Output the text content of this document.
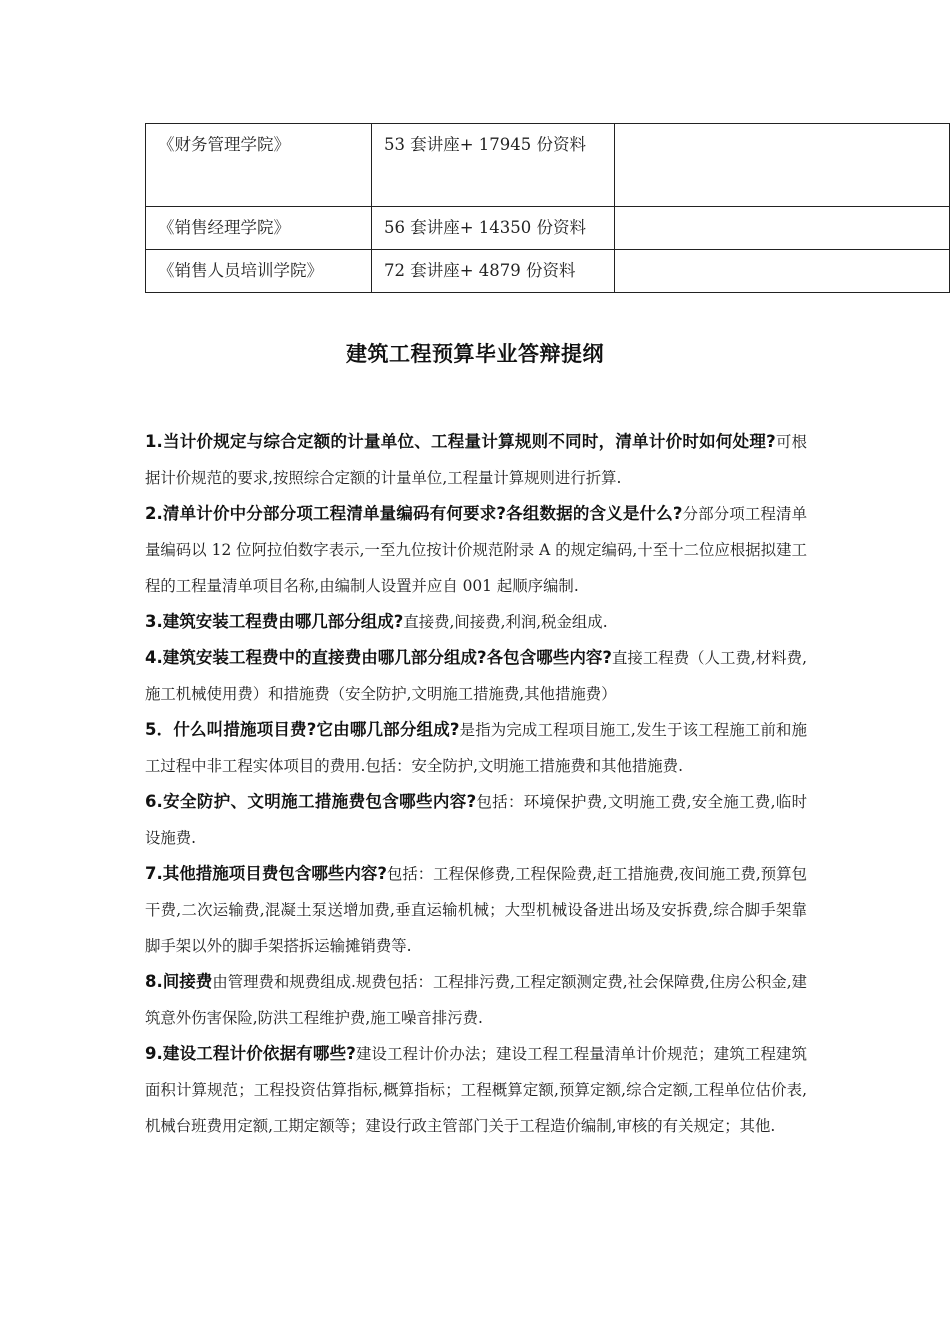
《财务管理学院》	53 套讲座+ 17945 份资料	

《销售经理学院》	56 套讲座+ 14350 份资料	

《销售人员培训学院》	72 套讲座+ 4879 份资料	

建筑工程预算毕业答辩提纲

1.当计价规定与综合定额的计量单位、工程量计算规则不同时，清单计价时如何处理?可根据计价规范的要求,按照综合定额的计量单位,工程量计算规则进行折算.

2.清单计价中分部分项工程清单量编码有何要求?各组数据的含义是什么?分部分项工程清单量编码以 12 位阿拉伯数字表示,一至九位按计价规范附录 A 的规定编码,十至十二位应根据拟建工程的工程量清单项目名称,由编制人设置并应自 001 起顺序编制.

3.建筑安装工程费由哪几部分组成?直接费,间接费,利润,税金组成.

4.建筑安装工程费中的直接费由哪几部分组成?各包含哪些内容?直接工程费（人工费,材料费,施工机械使用费）和措施费（安全防护,文明施工措施费,其他措施费）

5．什么叫措施项目费?它由哪几部分组成?是指为完成工程项目施工,发生于该工程施工前和施工过程中非工程实体项目的费用.包括：安全防护,文明施工措施费和其他措施费.

6.安全防护、文明施工措施费包含哪些内容?包括：环境保护费,文明施工费,安全施工费,临时设施费.

7.其他措施项目费包含哪些内容?包括：工程保修费,工程保险费,赶工措施费,夜间施工费,预算包干费,二次运输费,混凝土泵送增加费,垂直运输机械；大型机械设备进出场及安拆费,综合脚手架靠脚手架以外的脚手架搭拆运输摊销费等.

8.间接费由管理费和规费组成.规费包括：工程排污费,工程定额测定费,社会保障费,住房公积金,建筑意外伤害保险,防洪工程维护费,施工噪音排污费.

9.建设工程计价依据有哪些?建设工程计价办法；建设工程工程量清单计价规范；建筑工程建筑面积计算规范；工程投资估算指标,概算指标；工程概算定额,预算定额,综合定额,工程单位估价表,机械台班费用定额,工期定额等；建设行政主管部门关于工程造价编制,审核的有关规定；其他.
